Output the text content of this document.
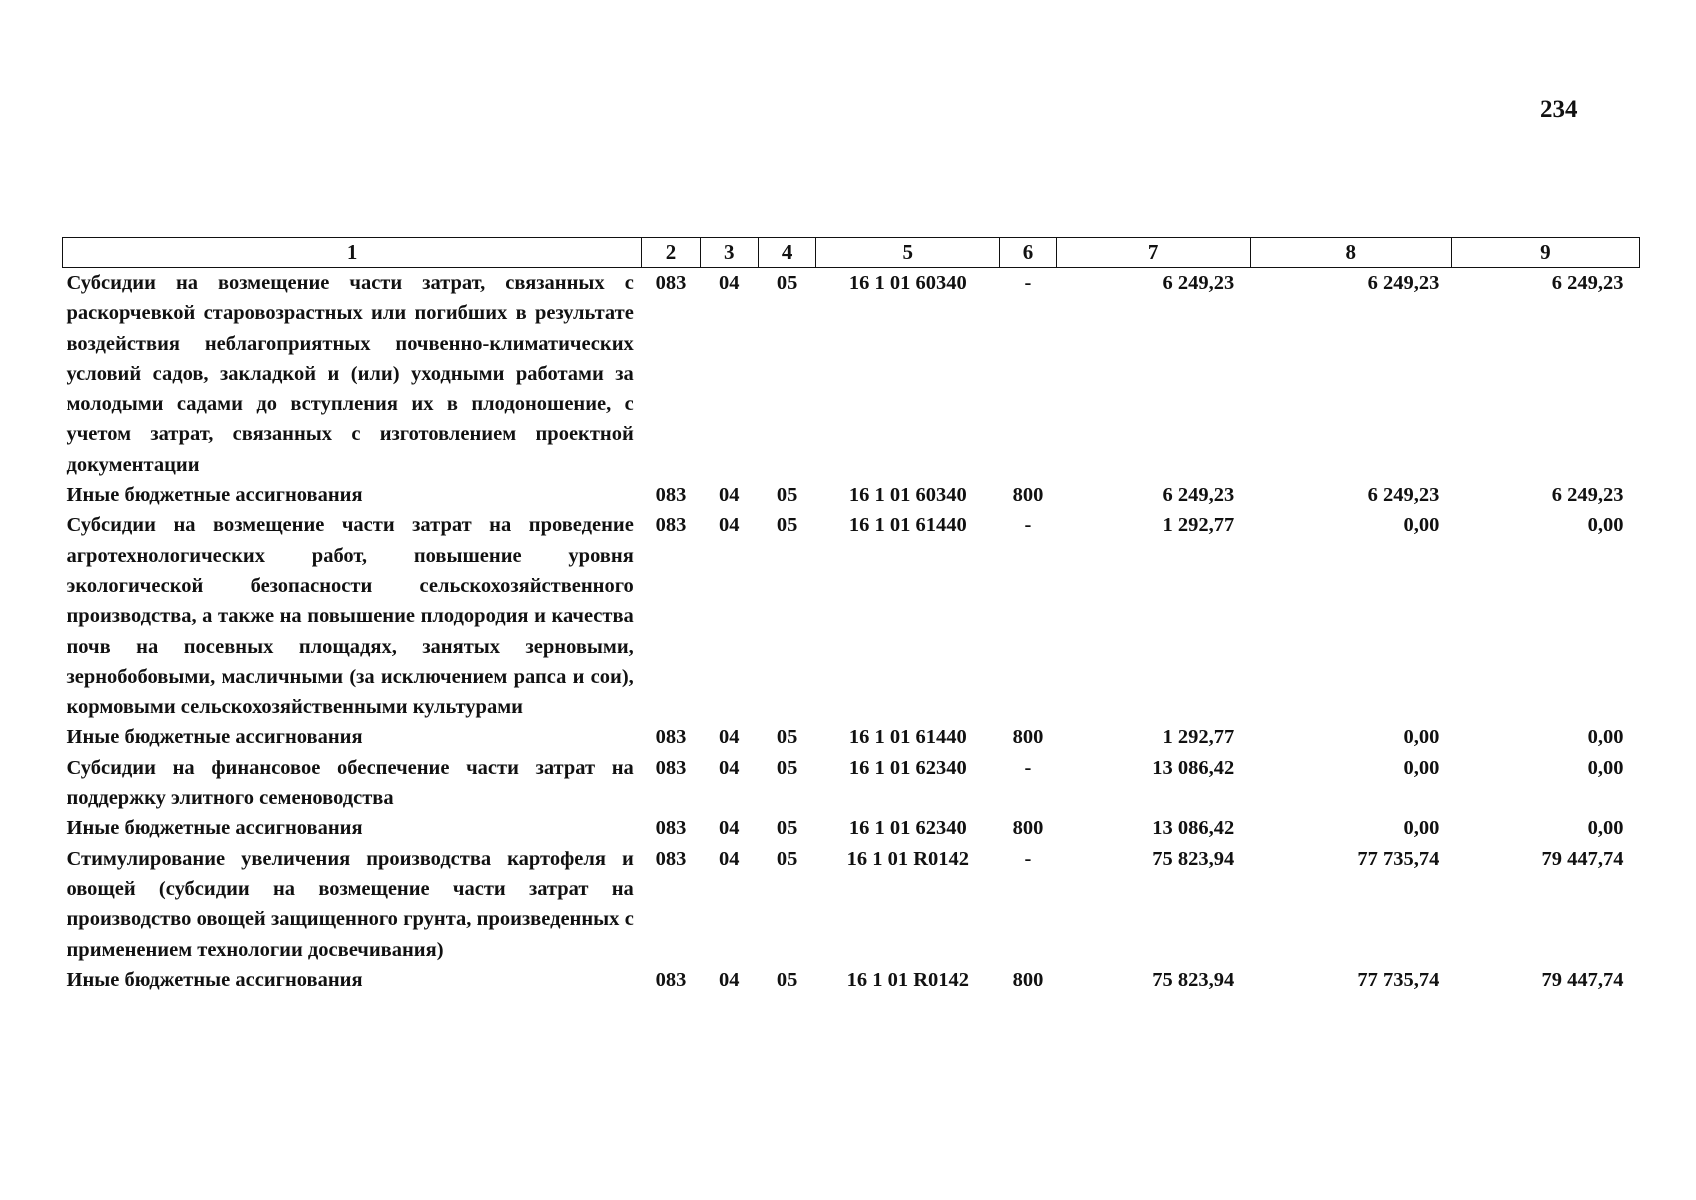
234
1	2	3	4	5	6	7	8	9
Субсидии на возмещение части затрат, связанных с раскорчевкой старовозрастных или погибших в результате воздействия неблагоприятных почвенно-климатических условий садов, закладкой и (или) уходными работами за молодыми садами до вступления их в плодоношение, с учетом затрат, связанных с изготовлением проектной документации	083	04	05	16 1 01 60340	-	6 249,23	6 249,23	6 249,23
Иные бюджетные ассигнования	083	04	05	16 1 01 60340	800	6 249,23	6 249,23	6 249,23
Субсидии на возмещение части затрат на проведение агротехнологических работ, повышение уровня экологической безопасности сельскохозяйственного производства, а также на повышение плодородия и качества почв на посевных площадях, занятых зерновыми, зернобобовыми, масличными (за исключением рапса и сои), кормовыми сельскохозяйственными культурами	083	04	05	16 1 01 61440	-	1 292,77	0,00	0,00
Иные бюджетные ассигнования	083	04	05	16 1 01 61440	800	1 292,77	0,00	0,00
Субсидии на финансовое обеспечение части затрат на поддержку элитного семеноводства	083	04	05	16 1 01 62340	-	13 086,42	0,00	0,00
Иные бюджетные ассигнования	083	04	05	16 1 01 62340	800	13 086,42	0,00	0,00
Стимулирование увеличения производства картофеля и овощей (субсидии на возмещение части затрат на производство овощей защищенного грунта, произведенных с применением технологии досвечивания)	083	04	05	16 1 01 R0142	-	75 823,94	77 735,74	79 447,74
Иные бюджетные ассигнования	083	04	05	16 1 01 R0142	800	75 823,94	77 735,74	79 447,74
